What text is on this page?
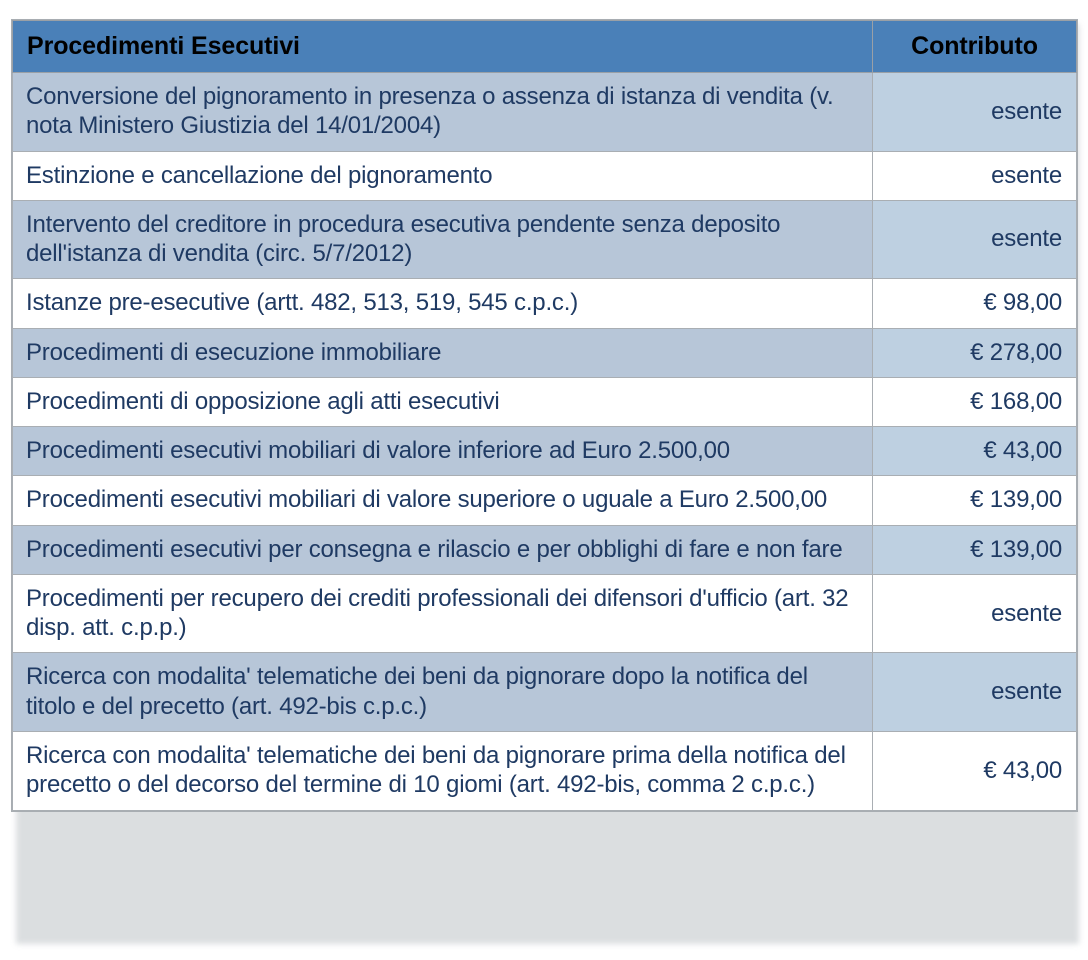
Procedimenti Esecutivi	Contributo
Conversione del pignoramento in presenza o assenza di istanza di vendita (v. nota Ministero Giustizia del 14/01/2004)	esente
Estinzione e cancellazione del pignoramento	esente
Intervento del creditore in procedura esecutiva pendente senza deposito dell'istanza di vendita (circ. 5/7/2012)	esente
Istanze pre-esecutive (artt. 482, 513, 519, 545 c.p.c.)	€ 98,00
Procedimenti di esecuzione immobiliare	€ 278,00
Procedimenti di opposizione agli atti esecutivi	€ 168,00
Procedimenti esecutivi mobiliari di valore inferiore ad Euro 2.500,00	€ 43,00
Procedimenti esecutivi mobiliari di valore superiore o uguale a Euro 2.500,00	€ 139,00
Procedimenti esecutivi per consegna e rilascio e per obblighi di fare e non fare	€ 139,00
Procedimenti per recupero dei crediti professionali dei difensori d'ufficio (art. 32 disp. att. c.p.p.)	esente
Ricerca con modalita' telematiche dei beni da pignorare dopo la notifica del titolo e del precetto (art. 492-bis c.p.c.)	esente
Ricerca con modalita' telematiche dei beni da pignorare prima della notifica del precetto o del decorso del termine di 10 giomi (art. 492-bis, comma 2 c.p.c.)	€ 43,00
